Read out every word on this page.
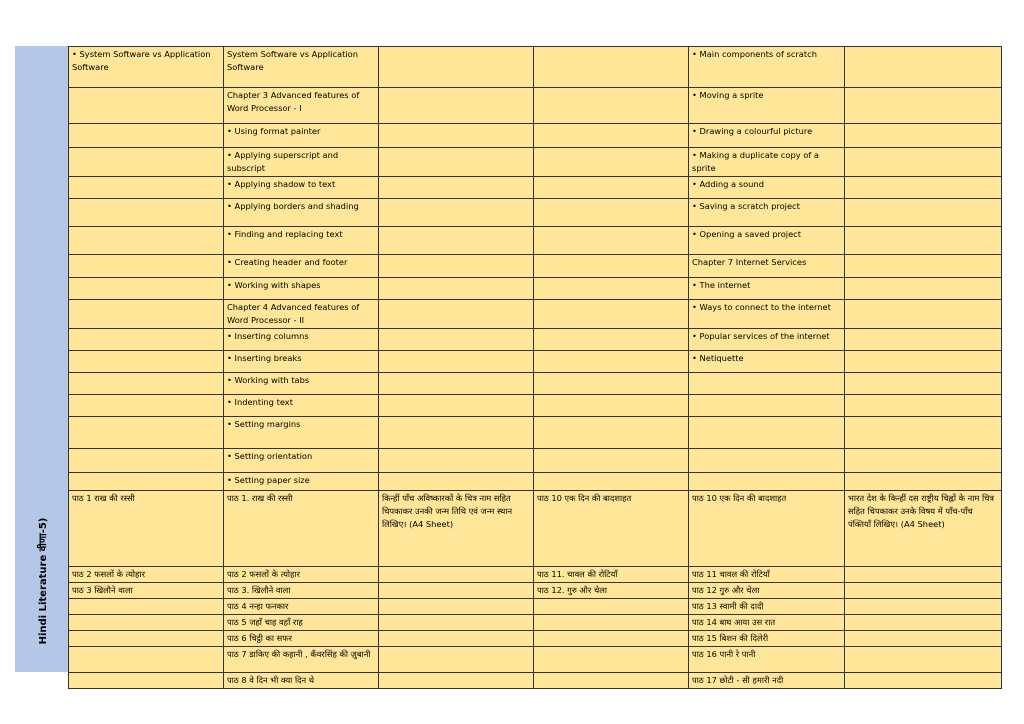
• System Software vs Application Software	System Software vs Application Software			• Main components of scratch	
	Chapter 3 Advanced features of Word Processor - I			• Moving a sprite	
	• Using format painter			• Drawing a colourful picture	
	• Applying superscript and subscript			• Making a duplicate copy of a sprite	
	• Applying shadow to text			• Adding a sound	
	• Applying borders and shading			• Saving a scratch project	
	• Finding and replacing text			• Opening a saved project	
	• Creating header and footer			Chapter 7 Internet Services	
	• Working with shapes			• The internet	
	Chapter 4 Advanced features of Word Processor - II			• Ways to connect to the internet	
	• Inserting columns			• Popular services of the internet	
	• Inserting breaks			• Netiquette	
	• Working with tabs				
	• Indenting text				
	• Setting margins				
	• Setting orientation				
	• Setting paper size				
Hindi Literature वीणा-5)
पाठ 1 राख की रस्सी	पाठ 1. राख की रस्सी	किन्हीं पाँच अविष्कारकों के चित्र नाम सहित चिपकाकर उनकी जन्म तिथि एवं जन्म स्थान लिखिए। (A4 Sheet)	पाठ 10 एक दिन की बादशाहत	पाठ 10 एक दिन की बादशाहत	भारत देश के किन्हीं दस राष्ट्रीय चिह्नों के नाम चित्र सहित चिपकाकर उनके विषय में पाँच-पाँच पंक्तियाँ लिखिए। (A4 Sheet)
पाठ 2 फसलों के त्योहार	पाठ 2 फसलों के त्योहार		पाठ 11. चावल की रोटियाँ	पाठ 11 चावल की रोटियाँ	
पाठ 3 खिलौने वाला	पाठ 3. खिलौने वाला		पाठ 12. गुरु और चेला	पाठ 12 गुरु और चेला	
	पाठ 4 नन्हा फनकार			पाठ 13 स्वामी की दादी	
	पाठ 5 जहाँ चाह वहाँ राह			पाठ 14 बाघ आया उस रात	
	पाठ 6 चिट्ठी का सफर			पाठ 15 बिशन की दिलेरी	
	पाठ 7 डाकिए की कहानी , कँवरसिंह की ज़ुबानी			पाठ 16 पानी रे पानी	
	पाठ 8 वे दिन भी क्या दिन थे			पाठ 17 छोटी - सी हमारी नदी	
